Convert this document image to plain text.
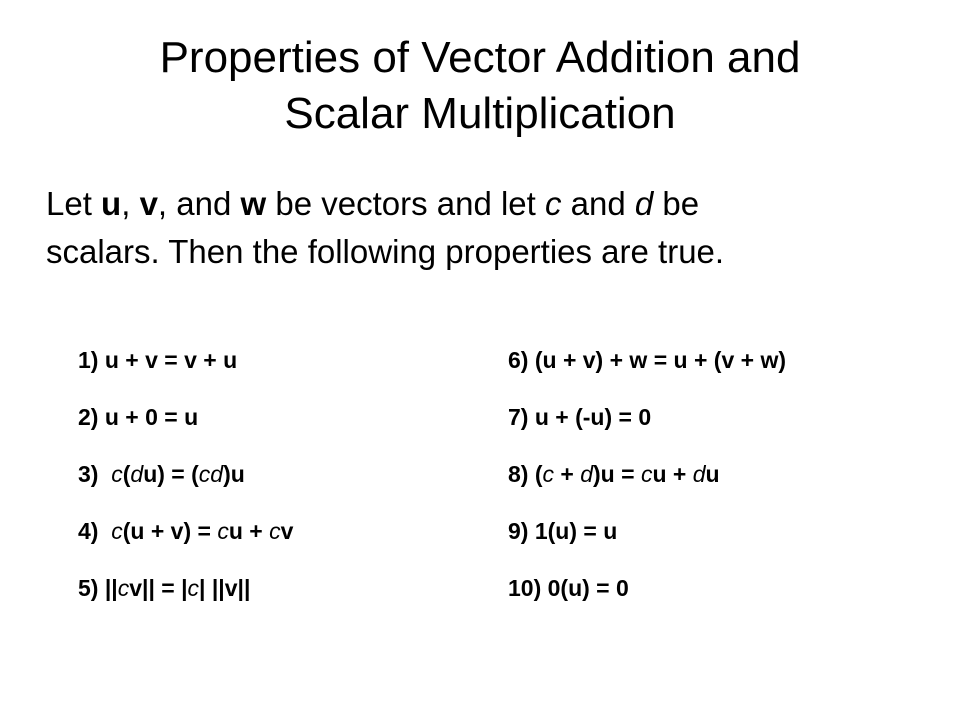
Properties of Vector Addition and
Scalar Multiplication

Let u, v, and w be vectors and let c and d be
scalars. Then the following properties are true.

1) u + v = v + u
2) u + 0 = u
3)  c(du) = (cd)u
4)  c(u + v) = cu + cv
5) ||cv|| = |c| ||v||
6) (u + v) + w = u + (v + w)
7) u + (-u) = 0
8) (c + d)u = cu + du
9) 1(u) = u
10) 0(u) = 0
